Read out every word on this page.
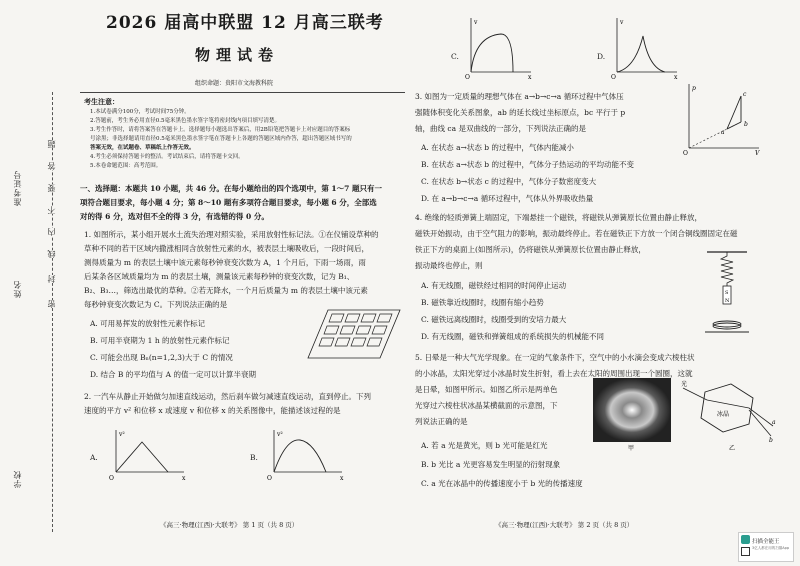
学校
姓名
准考证号
密
封
线
内
不
要
答
题
2026 届高中联盟 12 月高三联考
物理试卷
组织命题：贵阳市文海教科院
考生注意：
1.本试卷满分100分，考试时间75分钟。
2.答题前，考生务必用直径0.5毫米黑色墨水签字笔将密封线内项目填写清楚。
3.考生作答时，请将答案答在答题卡上。选择题每小题选出答案后，用2B铅笔把答题卡上对应题目的答案标
号涂黑；非选择题请用直径0.5毫米黑色墨水签字笔在答题卡上各题的答题区域内作答，超出答题区域书写的
答案无效，在试题卷、草稿纸上作答无效。
4.考生必须保持答题卡的整洁。考试结束后，请将答题卡交回。
5.本卷命题范围：高考范围。
一、选择题：本题共 10 小题，共 46 分。在每小题给出的四个选项中，第 1～7 题只有一
项符合题目要求，每小题 4 分；第 8～10 题有多项符合题目要求，每小题 6 分，全部选
对的得 6 分，选对但不全的得 3 分，有选错的得 0 分。
1. 如图所示，某小组开展水土流失治理对照实验，采用放射性标记法。①在仪铺设草种的
草种不同的若干区域内撒涨相同含放射性元素的水，被表层土壤吸收后，一段时间后，
测得质量为 m 的表层土壤中该元素每秒钟衰变次数为 A，1 个月后，下雨一场雨，雨
后某条各区域质量均为 m 的表层土壤，测量该元素每秒钟的衰变次数，记为 B₁、
B₂、B₃…，筛选出最优的草种。②若无降水，一个月后质量为 m 的表层土壤中该元素
每秒钟衰变次数记为 C。下列说法正确的是
A. 可用易挥发的放射性元素作标记
B. 可用半衰期为 1 h 的放射性元素作标记
C. 可能会出现 Bₙ(n=1,2,3)大于 C 的情况
D. 结合 B 的平均值与 A 的值一定可以计算半衰期
2. 一汽车从静止开始做匀加速直线运动，然后刹车做匀减速直线运动，直到停止。下列
速度的平方 v² 和位移 x 或速度 v 和位移 x 的关系图像中，能描述该过程的是
A.
v²
x
O
B.
v²
x
O
《高三·物理(江西)·大联考》 第 1 页（共 8 页）
C.
v
x
O
D.
v
x
O
3. 如图为一定质量的理想气体在 a→b→c→a 循环过程中气体压
强随体积变化关系图象，ab 的延长线过坐标原点，bc 平行于 p
轴，曲线 ca 是双曲线的一部分，下列说法正确的是
A. 在状态 a→状态 b 的过程中，气体内能减小
B. 在状态 a→状态 b 的过程中，气体分子热运动的平均动能不变
C. 在状态 b→状态 c 的过程中，气体分子数密度变大
D. 在 a→b→c→a 循环过程中，气体从外界吸收热量
p
V
O
a
b
c
4. 绝缘的轻质弹簧上端固定，下端悬挂一个磁铁，将磁铁从弹簧原长位置由静止释放，
磁铁开始振动，由于空气阻力的影响，振动最终停止。若在磁铁正下方放一个闭合铜线圈固定在磁
铁正下方的桌面上(如图所示)，仍将磁铁从弹簧原长位置由静止释放，
振动最终也停止，则
A. 有无线圈，磁铁经过相同的时间停止运动
B. 磁铁靠近线圈时，线圈有缩小趋势
C. 磁铁远离线圈时，线圈受到的安培力最大
D. 有无线圈，磁铁和弹簧组成的系统损失的机械能不同
S
N
5. 日晕是一种大气光学现象。在一定的气象条件下，空气中的小水滴会变成六棱柱状
的小冰晶，太阳光穿过小冰晶时发生折射，看上去在太阳的周围出现一个圆圈，这就
是日晕，如图甲所示。如图乙所示是两单色
光穿过六棱柱状冰晶某横截面的示意图，下
列说法正确的是
A. 若 a 光是黄光，则 b 光可能是红光
B. b 光比 a 光更容易发生明显的衍射现象
C. a 光在冰晶中的传播速度小于 b 光的传播速度
甲
光
冰晶
a
b
乙
《高三·物理(江西)·大联考》 第 2 页（共 8 页）
扫描全能王
3亿人都在用的扫描App
